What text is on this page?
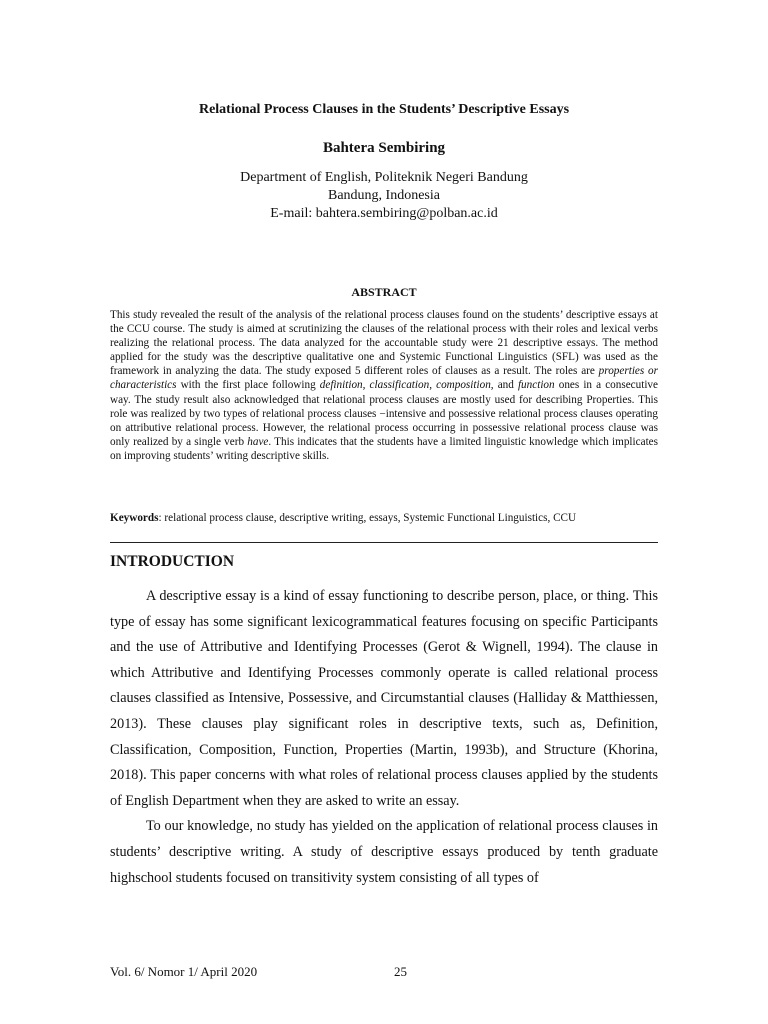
Relational Process Clauses in the Students’ Descriptive Essays
Bahtera Sembiring
Department of English, Politeknik Negeri Bandung
Bandung, Indonesia
E-mail: bahtera.sembiring@polban.ac.id
ABSTRACT

This study revealed the result of the analysis of the relational process clauses found on the students’ descriptive essays at the CCU course. The study is aimed at scrutinizing the clauses of the relational process with their roles and lexical verbs realizing the relational process. The data analyzed for the accountable study were 21 descriptive essays. The method applied for the study was the descriptive qualitative one and Systemic Functional Linguistics (SFL) was used as the framework in analyzing the data. The study exposed 5 different roles of clauses as a result. The roles are properties or characteristics with the first place following definition, classification, composition, and function ones in a consecutive way. The study result also acknowledged that relational process clauses are mostly used for describing Properties. This role was realized by two types of relational process clauses −intensive and possessive relational process clauses operating on attributive relational process. However, the relational process occurring in possessive relational process clause was only realized by a single verb have. This indicates that the students have a limited linguistic knowledge which implicates on improving students’ writing descriptive skills.

Keywords: relational process clause, descriptive writing, essays, Systemic Functional Linguistics, CCU
INTRODUCTION

A descriptive essay is a kind of essay functioning to describe person, place, or thing. This type of essay has some significant lexicogrammatical features focusing on specific Participants and the use of Attributive and Identifying Processes (Gerot & Wignell, 1994). The clause in which Attributive and Identifying Processes commonly operate is called relational process clauses classified as Intensive, Possessive, and Circumstantial clauses (Halliday & Matthiessen, 2013). These clauses play significant roles in descriptive texts, such as, Definition, Classification, Composition, Function, Properties (Martin, 1993b), and Structure (Khorina, 2018). This paper concerns with what roles of relational process clauses applied by the students of English Department when they are asked to write an essay.

To our knowledge, no study has yielded on the application of relational process clauses in students’ descriptive writing. A study of descriptive essays produced by tenth graduate highschool students focused on transitivity system consisting of all types of

Vol. 6/ Nomor 1/ April 2020	25
